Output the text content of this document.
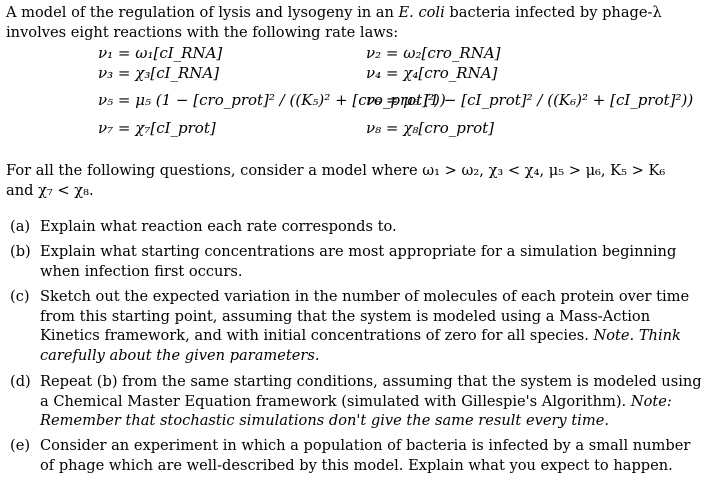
A model of the regulation of lysis and lysogeny in an E. coli bacteria infected by phage-λ
involves eight reactions with the following rate laws:
ν₁ = ω₁[cI_RNA]	ν₂ = ω₂[cro_RNA]
ν₃ = χ₃[cI_RNA]	ν₄ = χ₄[cro_RNA]
ν₅ = μ₅ (1 − [cro_prot]² / ((K₅)² + [cro_prot]²))
ν₆ = μ₆ (1 − [cI_prot]² / ((K₆)² + [cI_prot]²))
ν₇ = χ₇[cI_prot]	ν₈ = χ₈[cro_prot]
For all the following questions, consider a model where ω₁ > ω₂, χ₃ < χ₄, μ₅ > μ₆, K₅ > K₆
and χ₇ < χ₈.
(a) Explain what reaction each rate corresponds to.
(b) Explain what starting concentrations are most appropriate for a simulation beginning
when infection first occurs.
(c) Sketch out the expected variation in the number of molecules of each protein over time
from this starting point, assuming that the system is modeled using a Mass-Action
Kinetics framework, and with initial concentrations of zero for all species. Note. Think
carefully about the given parameters.
(d) Repeat (b) from the same starting conditions, assuming that the system is modeled using
a Chemical Master Equation framework (simulated with Gillespie's Algorithm). Note:
Remember that stochastic simulations don't give the same result every time.
(e) Consider an experiment in which a population of bacteria is infected by a small number
of phage which are well-described by this model. Explain what you expect to happen.
